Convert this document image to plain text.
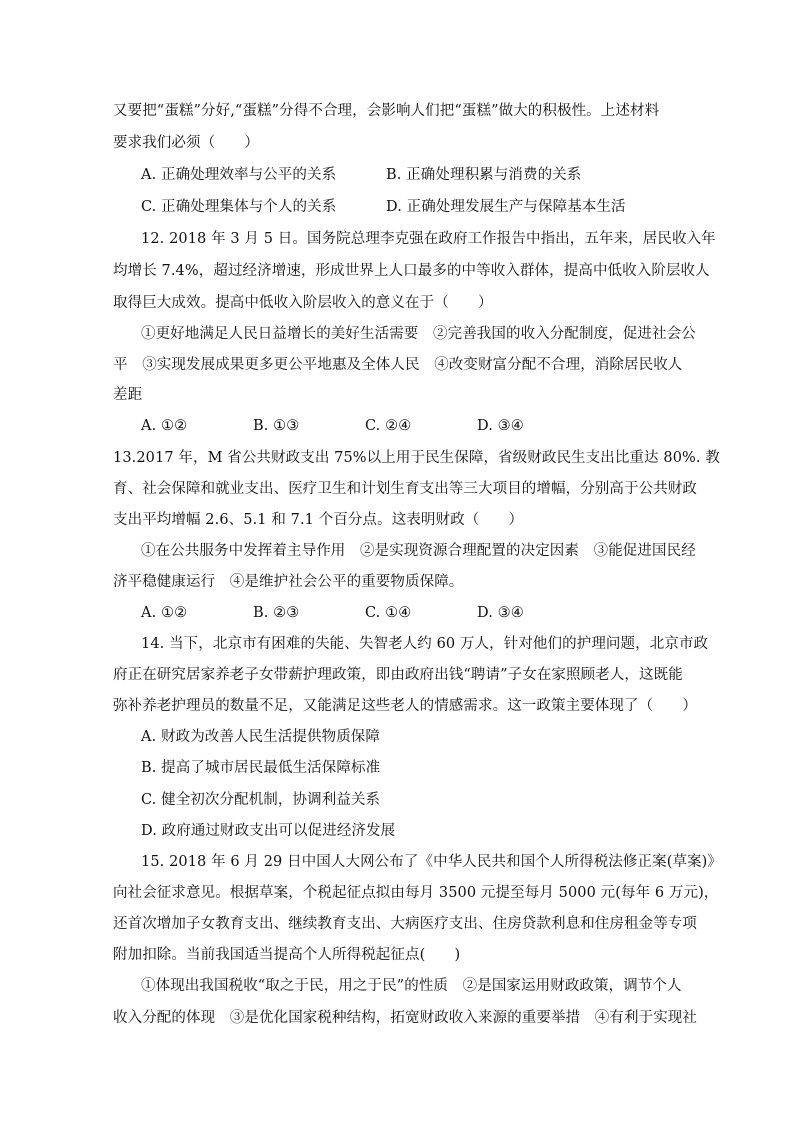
又要把“蛋糕”分好,“蛋糕”分得不合理，会影响人们把“蛋糕”做大的积极性。上述材料
要求我们必须（　　）
A. 正确处理效率与公平的关系	B. 正确处理积累与消费的关系
C. 正确处理集体与个人的关系	D. 正确处理发展生产与保障基本生活
12. 2018 年 3 月 5 日。国务院总理李克强在政府工作报告中指出，五年来，居民收入年
均增长 7.4%，超过经济增速，形成世界上人口最多的中等收入群体，提高中低收入阶层收人
取得巨大成效。提高中低收入阶层收入的意义在于（　　）
①更好地满足人民日益增长的美好生活需要　②完善我国的收入分配制度，促进社会公
平　③实现发展成果更多更公平地惠及全体人民　④改变财富分配不合理，消除居民收人
差距
A. ①②	B. ①③	C. ②④	D. ③④
13.2017 年，M 省公共财政支出 75%以上用于民生保障，省级财政民生支出比重达 80%. 教
育、社会保障和就业支出、医疗卫生和计划生育支出等三大项目的增幅，分别高于公共财政
支出平均增幅 2.6、5.1 和 7.1 个百分点。这表明财政（　　）
①在公共服务中发挥着主导作用　②是实现资源合理配置的决定因素　③能促进国民经
济平稳健康运行　④是维护社会公平的重要物质保障。
A. ①②	B. ②③	C. ①④	D. ③④
14. 当下，北京市有困难的失能、失智老人约 60 万人，针对他们的护理问题，北京市政
府正在研究居家养老子女带薪护理政策，即由政府出钱“聘请”子女在家照顾老人，这既能
弥补养老护理员的数量不足，又能满足这些老人的情感需求。这一政策主要体现了（　　）
A. 财政为改善人民生活提供物质保障
B. 提高了城市居民最低生活保障标准
C. 健全初次分配机制，协调利益关系
D. 政府通过财政支出可以促进经济发展
15. 2018 年 6 月 29 日中国人大网公布了《中华人民共和国个人所得税法修正案(草案)》
向社会征求意见。根据草案，个税起征点拟由每月 3500 元提至每月 5000 元(每年 6 万元)，
还首次增加子女教育支出、继续教育支出、大病医疗支出、住房贷款利息和住房租金等专项
附加扣除。当前我国适当提高个人所得税起征点(　　)
①体现出我国税收“取之于民，用之于民”的性质　②是国家运用财政政策，调节个人
收入分配的体现　③是优化国家税种结构，拓宽财政收入来源的重要举措　④有利于实现社
